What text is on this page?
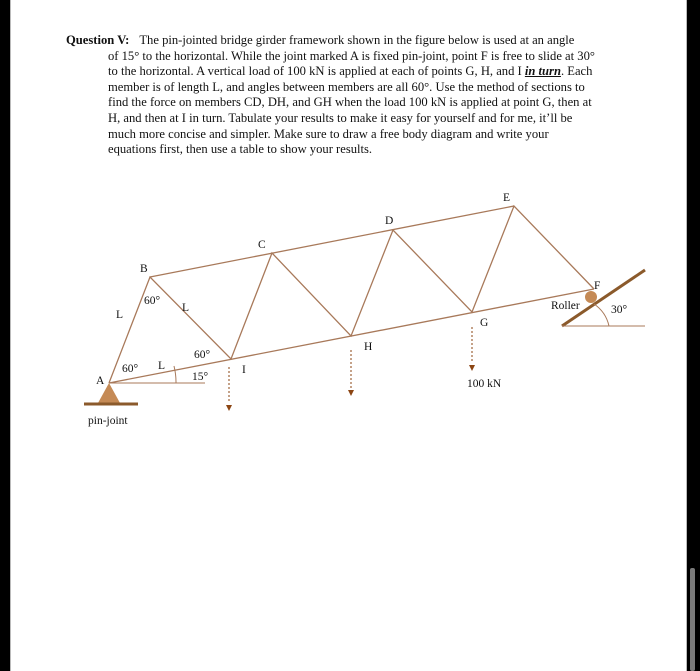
Question V: The pin-jointed bridge girder framework shown in the figure below is used at an angle
of 15° to the horizontal. While the joint marked A is fixed pin-joint, point F is free to slide at 30°
to the horizontal. A vertical load of 100 kN is applied at each of points G, H, and I in turn. Each
member is of length L, and angles between members are all 60°. Use the method of sections to
find the force on members CD, DH, and GH when the load 100 kN is applied at point G, then at
H, and then at I in turn. Tabulate your results to make it easy for yourself and for me, it’ll be
much more concise and simpler. Make sure to draw a free body diagram and write your
equations first, then use a table to show your results.
A
B
C
D
E
F
G
H
I
L
L
L
60°
60°
60°
15°
Roller	30°
100 kN
pin-joint
